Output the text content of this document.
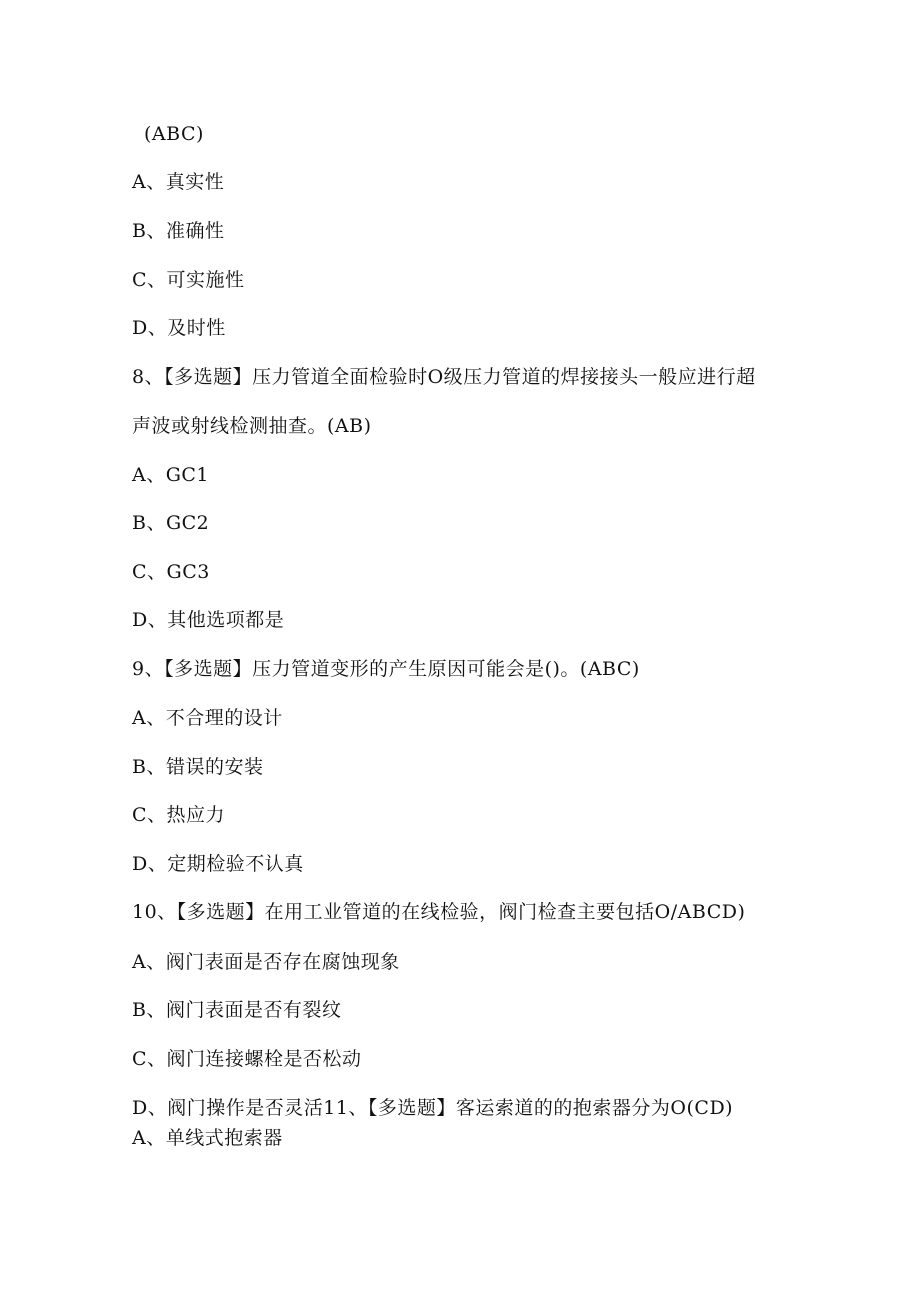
(ABC)
A、真实性
B、准确性
C、可实施性
D、及时性
8、【多选题】压力管道全面检验时O级压力管道的焊接接头一般应进行超
声波或射线检测抽查。(AB)
A、GC1
B、GC2
C、GC3
D、其他选项都是
9、【多选题】压力管道变形的产生原因可能会是()。(ABC)
A、不合理的设计
B、错误的安装
C、热应力
D、定期检验不认真
10、【多选题】在用工业管道的在线检验，阀门检查主要包括O/ABCD)
A、阀门表面是否存在腐蚀现象
B、阀门表面是否有裂纹
C、阀门连接螺栓是否松动
D、阀门操作是否灵活11、【多选题】客运索道的的抱索器分为O(CD)
A、单线式抱索器
